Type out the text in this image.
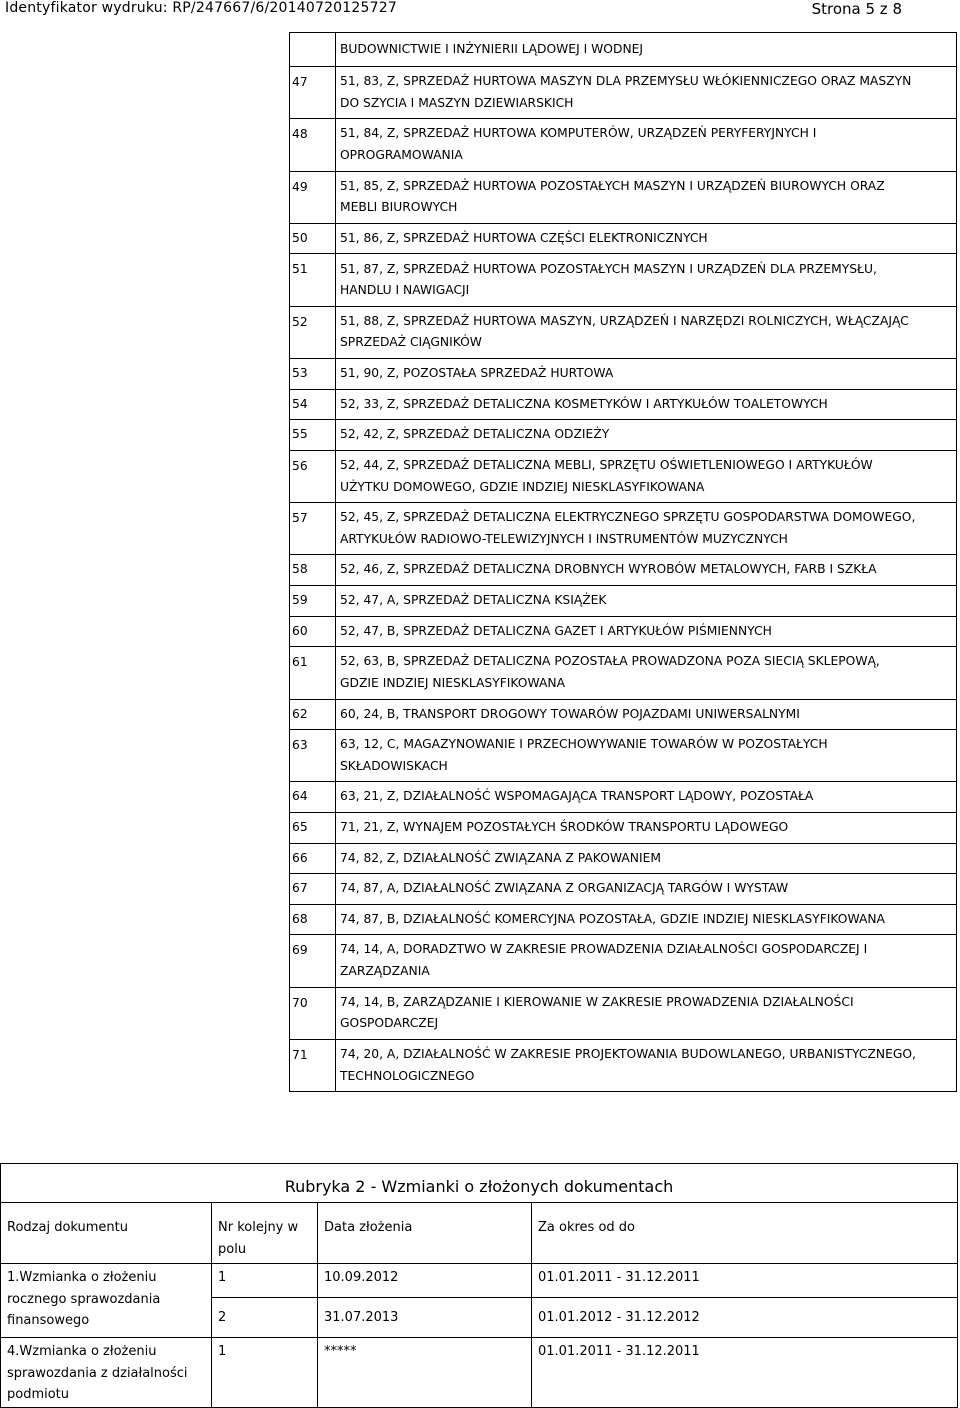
Identyfikator wydruku: RP/247667/6/20140720125727	Strona 5 z 8
	BUDOWNICTWIE I INŻYNIERII LĄDOWEJ I WODNEJ
47	51, 83, Z, SPRZEDAŻ HURTOWA MASZYN DLA PRZEMYSŁU WŁÓKIENNICZEGO ORAZ MASZYN
DO SZYCIA I MASZYN DZIEWIARSKICH

48	51, 84, Z, SPRZEDAŻ HURTOWA KOMPUTERÓW, URZĄDZEŃ PERYFERYJNYCH I
OPROGRAMOWANIA

49	51, 85, Z, SPRZEDAŻ HURTOWA POZOSTAŁYCH MASZYN I URZĄDZEŃ BIUROWYCH ORAZ
MEBLI BIUROWYCH

50	51, 86, Z, SPRZEDAŻ HURTOWA CZĘŚCI ELEKTRONICZNYCH

51	51, 87, Z, SPRZEDAŻ HURTOWA POZOSTAŁYCH MASZYN I URZĄDZEŃ DLA PRZEMYSŁU,
HANDLU I NAWIGACJI

52	51, 88, Z, SPRZEDAŻ HURTOWA MASZYN, URZĄDZEŃ I NARZĘDZI ROLNICZYCH, WŁĄCZAJĄC
SPRZEDAŻ CIĄGNIKÓW

53	51, 90, Z, POZOSTAŁA SPRZEDAŻ HURTOWA

54	52, 33, Z, SPRZEDAŻ DETALICZNA KOSMETYKÓW I ARTYKUŁÓW TOALETOWYCH

55	52, 42, Z, SPRZEDAŻ DETALICZNA ODZIEŻY

56	52, 44, Z, SPRZEDAŻ DETALICZNA MEBLI, SPRZĘTU OŚWIETLENIOWEGO I ARTYKUŁÓW
UŻYTKU DOMOWEGO, GDZIE INDZIEJ NIESKLASYFIKOWANA

57	52, 45, Z, SPRZEDAŻ DETALICZNA ELEKTRYCZNEGO SPRZĘTU GOSPODARSTWA DOMOWEGO,
ARTYKUŁÓW RADIOWO-TELEWIZYJNYCH I INSTRUMENTÓW MUZYCZNYCH

58	52, 46, Z, SPRZEDAŻ DETALICZNA DROBNYCH WYROBÓW METALOWYCH, FARB I SZKŁA

59	52, 47, A, SPRZEDAŻ DETALICZNA KSIĄŻEK

60	52, 47, B, SPRZEDAŻ DETALICZNA GAZET I ARTYKUŁÓW PIŚMIENNYCH

61	52, 63, B, SPRZEDAŻ DETALICZNA POZOSTAŁA PROWADZONA POZA SIECIĄ SKLEPOWĄ,
GDZIE INDZIEJ NIESKLASYFIKOWANA

62	60, 24, B, TRANSPORT DROGOWY TOWARÓW POJAZDAMI UNIWERSALNYMI

63	63, 12, C, MAGAZYNOWANIE I PRZECHOWYWANIE TOWARÓW W POZOSTAŁYCH
SKŁADOWISKACH

64	63, 21, Z, DZIAŁALNOŚĆ WSPOMAGAJĄCA TRANSPORT LĄDOWY, POZOSTAŁA

65	71, 21, Z, WYNAJEM POZOSTAŁYCH ŚRODKÓW TRANSPORTU LĄDOWEGO

66	74, 82, Z, DZIAŁALNOŚĆ ZWIĄZANA Z PAKOWANIEM

67	74, 87, A, DZIAŁALNOŚĆ ZWIĄZANA Z ORGANIZACJĄ TARGÓW I WYSTAW

68	74, 87, B, DZIAŁALNOŚĆ KOMERCYJNA POZOSTAŁA, GDZIE INDZIEJ NIESKLASYFIKOWANA

69	74, 14, A, DORADZTWO W ZAKRESIE PROWADZENIA DZIAŁALNOŚCI GOSPODARCZEJ I
ZARZĄDZANIA

70	74, 14, B, ZARZĄDZANIE I KIEROWANIE W ZAKRESIE PROWADZENIA DZIAŁALNOŚCI
GOSPODARCZEJ

71	74, 20, A, DZIAŁALNOŚĆ W ZAKRESIE PROJEKTOWANIA BUDOWLANEGO, URBANISTYCZNEGO,
TECHNOLOGICZNEGO
Rubryka 2 - Wzmianki o złożonych dokumentach			
Rodzaj dokumentu	Nr kolejny w polu	Data złożenia	Za okres od do
1.Wzmianka o złożeniu rocznego sprawozdania finansowego	1	10.09.2012	01.01.2011 - 31.12.2011
	2	31.07.2013	01.01.2012 - 31.12.2012
4.Wzmianka o złożeniu sprawozdania z działalności podmiotu	1	*****	01.01.2011 - 31.12.2011
